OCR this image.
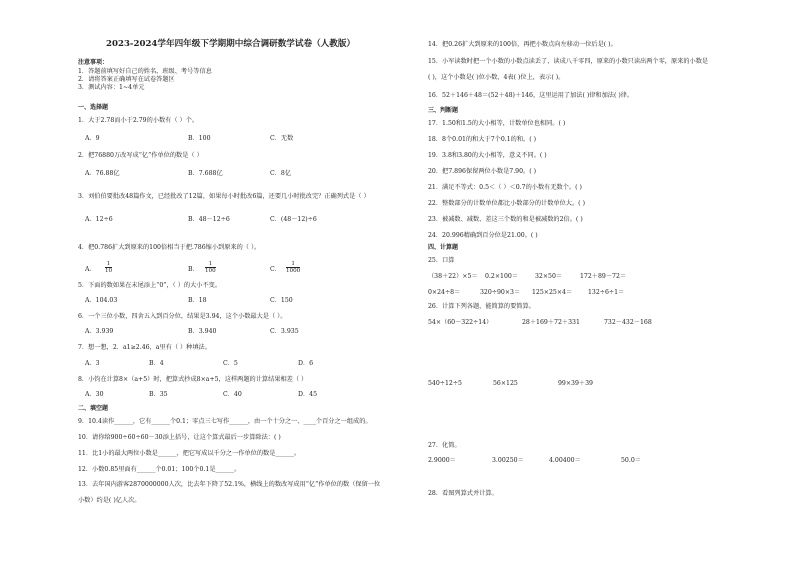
2023-2024学年四年级下学期期中综合调研数学试卷（人教版）
注意事项：
1．答题前填写好自己的姓名、班级、考号等信息
2．请将答案正确填写在试卷答题区
3．测试内容：1~4单元
一、选择题
1．大于2.78而小于2.79的小数有（ ）个。
A．9	B．100	C．无数
2．把76880万改写成“亿”作单位的数是（ ）
A．76.88亿	B．7.688亿	C．8亿
3．刘伯伯要批改48篇作文，已经批改了12篇，如果每小时批改6篇，还要几小时批改完？正确列式是（ ）
A．12÷6	B．48－12÷6	C．(48－12)÷6
4．把0.786扩大到原来的100倍相当于把.786缩小到原来的（ ）。
A． $\frac{1}{10}$	B． $\frac{1}{100}$	C． $\frac{1}{1000}$
5．下面的数如果在末尾添上“0”，（ ）的大小不变。
A．104.03	B．18	C．150
6．一个三位小数，四舍五入到百分位，结果是3.94，这个小数最大是（ ）。
A．3.939	B．3.940	C．3.935
7．想一想，2．a1≥2.46，a里有（ ）种填法。
A．3	B．4	C．5	D．6
8．小钧在计算8×（a+5）时，把算式抄成8×a+5，这样两题的计算结果相差（ ）
A．30	B．35	C．40	D．45
二、填空题
9．10.4读作______，它有______个0.1；零点三七写作______，由一个十分之一、____个百分之一组成的。
10．请你给900÷60÷60－30添上括号，让这个算式最后一步算除法：( )
11．比1小的最大两位小数是______，把它写成以千分之一作单位的数是______。
12．小数0.85里面有______个0.01；100个0.1是______。
13．去年国内游客2870000000人次，比去年下降了52.1%，横线上的数改写成用“亿”作单位的数（保留一位
小数）约是( )亿人次。
14．把0.26扩大到原来的100倍，再把小数点向左移动一位后是( )。
15．小军读数时把一个小数的小数点读丢了，读成八千零四，原来的小数只读出两个零，原来的小数是
( )，这个小数是( )位小数，4表( )位上，表示( )。
16．52＋146＋48＝(52＋48)＋146，这里运用了加法( )律和加法( )律。
三、判断题
17．1.50和1.5的大小相等，计数单位也相同。( )
18．8个0.01的和大于7个0.1的和。( )
19．3.8和3.80的大小相等，意义不同。( )
20．把7.896保留两位小数是7.90。( )
21．满足不等式：0.5＜（ ）＜0.7的小数有无数个。( )
22．整数部分的计数单位都比小数部分的计数单位大。( )
23．被减数、减数、差这三个数的和是被减数的2倍。( )
24．20.996精确到百分位是21.00。( )
四、计算题
25．口算
（38＋22）×5＝ 0.2×100＝	32×50＝	172＋89－72＝
0×24÷8＝	320÷90×3＝ 125×25×4＝	132÷6÷1＝
26．计算下列各题，能简算的要简算。
54×（60－322÷14）	28＋169＋72＋331	732－432－168
540÷12÷5	56×125	99×39＋39
27．化简。
2.9000＝	3.00250＝	4.00400＝	50.0＝
28．看图列算式并计算。
